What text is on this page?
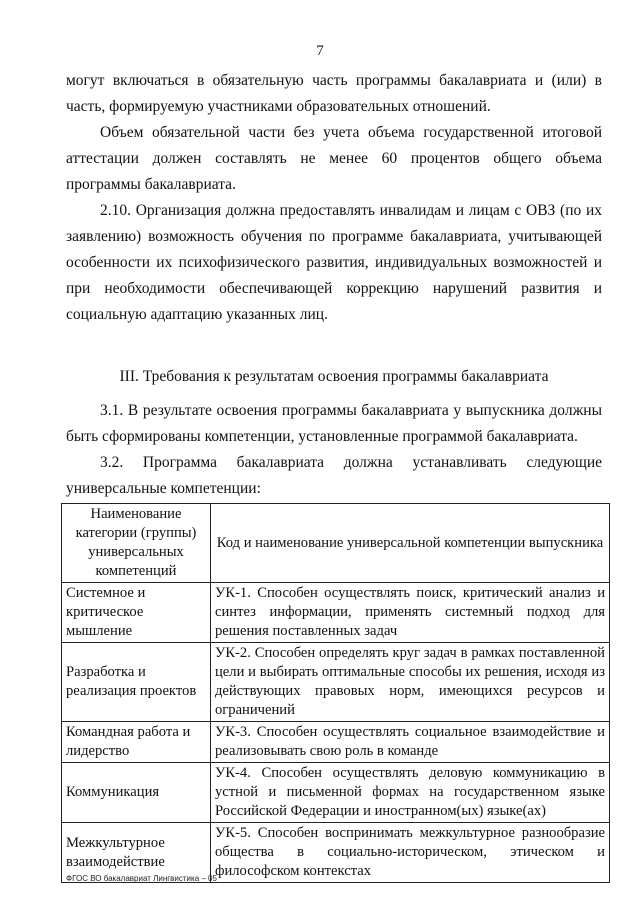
7

могут включаться в обязательную часть программы бакалавриата и (или) в часть, формируемую участниками образовательных отношений.

Объем обязательной части без учета объема государственной итоговой аттестации должен составлять не менее 60 процентов общего объема программы бакалавриата.

2.10. Организация должна предоставлять инвалидам и лицам с ОВЗ (по их заявлению) возможность обучения по программе бакалавриата, учитывающей особенности их психофизического развития, индивидуальных возможностей и при необходимости обеспечивающей коррекцию нарушений развития и социальную адаптацию указанных лиц.

III. Требования к результатам освоения программы бакалавриата

3.1. В результате освоения программы бакалавриата у выпускника должны быть сформированы компетенции, установленные программой бакалавриата.

3.2. Программа бакалавриата должна устанавливать следующие универсальные компетенции:

Наименование категории (группы) универсальных компетенций	Код и наименование универсальной компетенции выпускника
Системное и критическое мышление	УК-1. Способен осуществлять поиск, критический анализ и синтез информации, применять системный подход для решения поставленных задач
Разработка и реализация проектов	УК-2. Способен определять круг задач в рамках поставленной цели и выбирать оптимальные способы их решения, исходя из действующих правовых норм, имеющихся ресурсов и ограничений
Командная работа и лидерство	УК-3. Способен осуществлять социальное взаимодействие и реализовывать свою роль в команде
Коммуникация	УК-4. Способен осуществлять деловую коммуникацию в устной и письменной формах на государственном языке Российской Федерации и иностранном(ых) языке(ах)
Межкультурное взаимодействие	УК-5. Способен воспринимать межкультурное разнообразие общества в социально-историческом, этическом и философском контекстах
ФГОС ВО бакалавриат Лингвистика – 05
